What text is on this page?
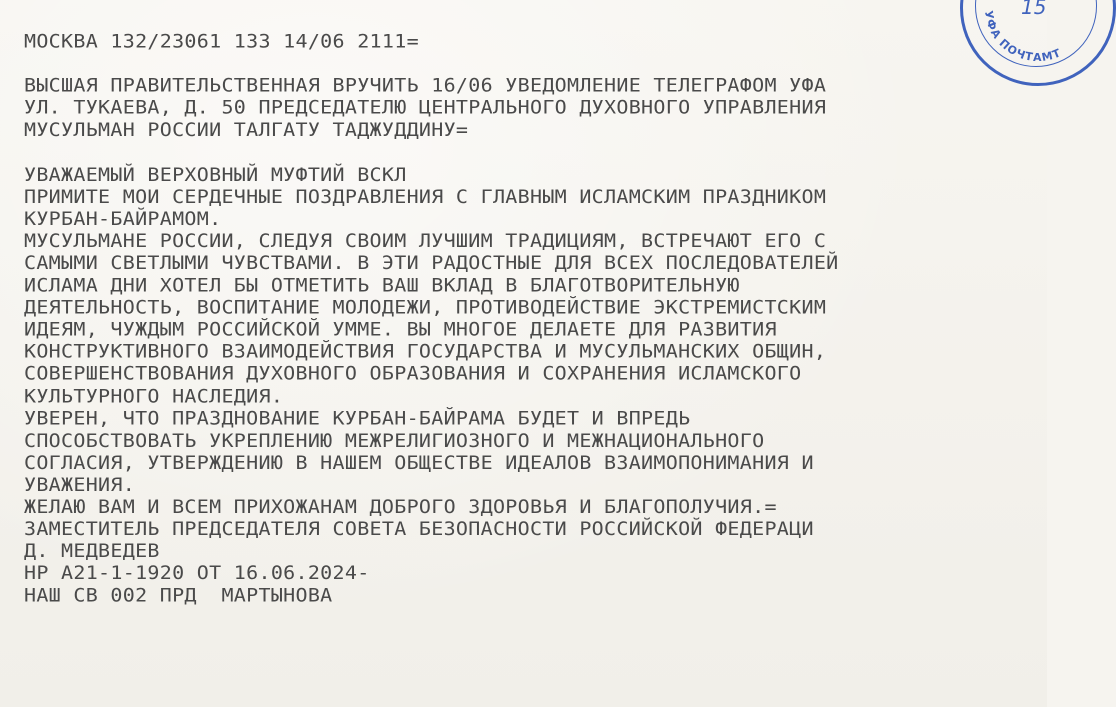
МОСКВА 132/23061 133 14/06 2111=
ВЫСШАЯ ПРАВИТЕЛЬСТВЕННАЯ ВРУЧИТЬ 16/06 УВЕДОМЛЕНИЕ ТЕЛЕГРАФОМ УФА
УЛ. ТУКАЕВА, Д. 50 ПРЕДСЕДАТЕЛЮ ЦЕНТРАЛЬНОГО ДУХОВНОГО УПРАВЛЕНИЯ
МУСУЛЬМАН РОССИИ ТАЛГАТУ ТАДЖУДДИНУ=
УВАЖАЕМЫЙ ВЕРХОВНЫЙ МУФТИЙ ВСКЛ
ПРИМИТЕ МОИ СЕРДЕЧНЫЕ ПОЗДРАВЛЕНИЯ С ГЛАВНЫМ ИСЛАМСКИМ ПРАЗДНИКОМ
КУРБАН-БАЙРАМОМ.
МУСУЛЬМАНЕ РОССИИ, СЛЕДУЯ СВОИМ ЛУЧШИМ ТРАДИЦИЯМ, ВСТРЕЧАЮТ ЕГО С
САМЫМИ СВЕТЛЫМИ ЧУВСТВАМИ. В ЭТИ РАДОСТНЫЕ ДЛЯ ВСЕХ ПОСЛЕДОВАТЕЛЕЙ
ИСЛАМА ДНИ ХОТЕЛ БЫ ОТМЕТИТЬ ВАШ ВКЛАД В БЛАГОТВОРИТЕЛЬНУЮ
ДЕЯТЕЛЬНОСТЬ, ВОСПИТАНИЕ МОЛОДЕЖИ, ПРОТИВОДЕЙСТВИЕ ЭКСТРЕМИСТСКИМ
ИДЕЯМ, ЧУЖДЫМ РОССИЙСКОЙ УММЕ. ВЫ МНОГОЕ ДЕЛАЕТЕ ДЛЯ РАЗВИТИЯ
КОНСТРУКТИВНОГО ВЗАИМОДЕЙСТВИЯ ГОСУДАРСТВА И МУСУЛЬМАНСКИХ ОБЩИН,
СОВЕРШЕНСТВОВАНИЯ ДУХОВНОГО ОБРАЗОВАНИЯ И СОХРАНЕНИЯ ИСЛАМСКОГО
КУЛЬТУРНОГО НАСЛЕДИЯ.
УВЕРЕН, ЧТО ПРАЗДНОВАНИЕ КУРБАН-БАЙРАМА БУДЕТ И ВПРЕДЬ
СПОСОБСТВОВАТЬ УКРЕПЛЕНИЮ МЕЖРЕЛИГИОЗНОГО И МЕЖНАЦИОНАЛЬНОГО
СОГЛАСИЯ, УТВЕРЖДЕНИЮ В НАШЕМ ОБЩЕСТВЕ ИДЕАЛОВ ВЗАИМОПОНИМАНИЯ И
УВАЖЕНИЯ.
ЖЕЛАЮ ВАМ И ВСЕМ ПРИХОЖАНАМ ДОБРОГО ЗДОРОВЬЯ И БЛАГОПОЛУЧИЯ.=
ЗАМЕСТИТЕЛЬ ПРЕДСЕДАТЕЛЯ СОВЕТА БЕЗОПАСНОСТИ РОССИЙСКОЙ ФЕДЕРАЦИ
Д. МЕДВЕДЕВ
НР А21-1-1920 ОТ 16.06.2024-
НАШ СВ 002 ПРД  МАРТЫНОВА
УФА ПОЧТАМТ
15
